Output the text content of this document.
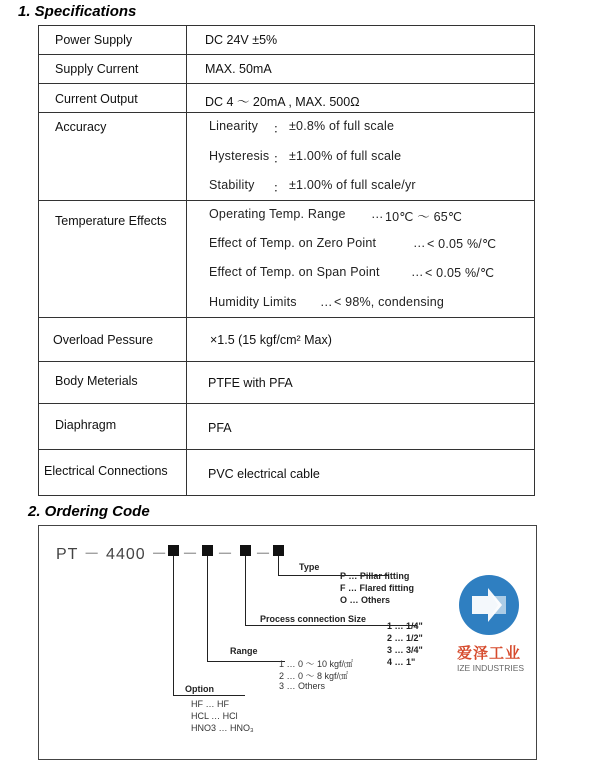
1. Specifications
Power Supply	DC 24V ±5%
Supply Current	MAX. 50mA
Current Output	DC 4 ～ 20mA , MAX. 500Ω
Accuracy	Linearity ： ±0.8% of full scale
Hysteresis ： ±1.00% of full scale
Stability ： ±1.00% of full scale/yr
Temperature Effects	Operating Temp. Range … 10℃ ～ 65℃
Effect of Temp. on Zero Point	… < 0.05 %/℃
Effect of Temp. on Span Point	… < 0.05 %/℃
Humidity Limits … < 98%, condensing
Overload Pessure	×1.5 (15 kgf/cm² Max)
Body Meterials	PTFE with PFA
Diaphragm	PFA
Electrical Connections	PVC electrical cable
2. Ordering Code
PT － 4400 － － － －
Type
P … Pillar fitting
F … Flared fitting
O … Others
Process connection Size
1 … 1/4"
2 … 1/2"
3 … 3/4"
4 … 1"
Range
1 … 0 ～ 10 kgf/㎠
2 … 0 ～ 8 kgf/㎠
3 … Others
Option
HF … HF
HCL … HCl
HNO3 … HNO₃
爱泽工业
IZE INDUSTRIES
